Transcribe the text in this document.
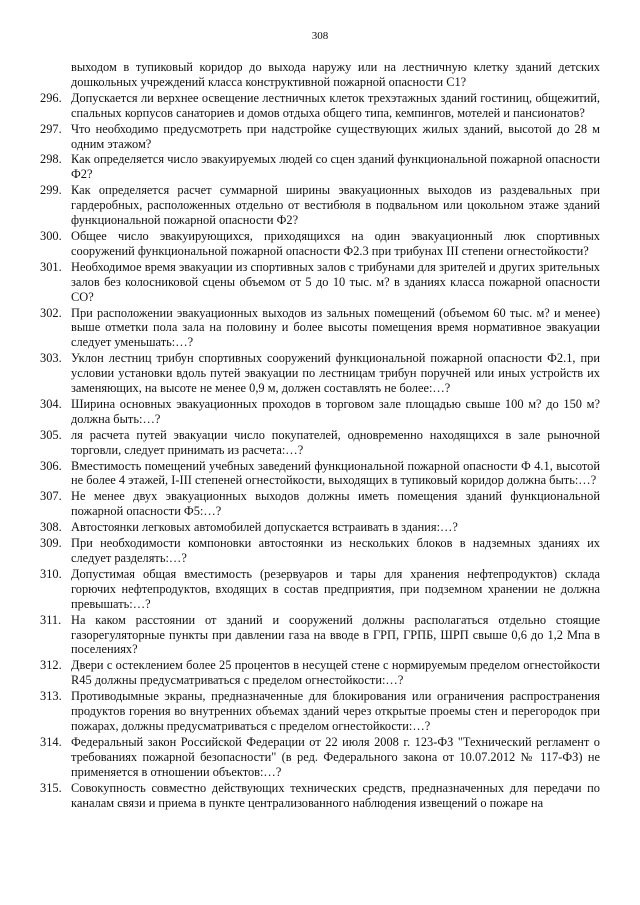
308

выходом в тупиковый коридор до выхода наружу или на лестничную клетку зданий детских дошкольных учреждений класса конструктивной пожарной опасности С1?

296. Допускается ли верхнее освещение лестничных клеток трехэтажных зданий гостиниц, общежитий, спальных корпусов санаториев и домов отдыха общего типа, кемпингов, мотелей и пансионатов?
297. Что необходимо предусмотреть при надстройке существующих жилых зданий, высотой до 28 м одним этажом?
298. Как определяется число эвакуируемых людей со сцен зданий функциональной пожарной опасности Ф2?
299. Как определяется расчет суммарной ширины эвакуационных выходов из раздевальных при гардеробных, расположенных отдельно от вестибюля в подвальном или цокольном этаже зданий функциональной пожарной опасности Ф2?
300. Общее число эвакуирующихся, приходящихся на один эвакуационный люк спортивных сооружений функциональной пожарной опасности Ф2.3 при трибунах III степени огнестойкости?
301. Необходимое время эвакуации из спортивных залов с трибунами для зрителей и других зрительных залов без колосниковой сцены объемом от 5 до 10 тыс. м? в зданиях класса пожарной опасности СО?
302. При расположении эвакуационных выходов из зальных помещений (объемом 60 тыс. м? и менее) выше отметки пола зала на половину и более высоты помещения время нормативное эвакуации следует уменьшать:…?
303. Уклон лестниц трибун спортивных сооружений функциональной пожарной опасности Ф2.1, при условии установки вдоль путей эвакуации по лестницам трибун поручней или иных устройств их заменяющих, на высоте не менее 0,9 м, должен составлять не более:…?
304. Ширина основных эвакуационных проходов в торговом зале площадью свыше 100 м? до 150 м? должна быть:…?
305. ля расчета путей эвакуации число покупателей, одновременно находящихся в зале рыночной торговли, следует принимать из расчета:…?
306. Вместимость помещений учебных заведений функциональной пожарной опасности Ф 4.1, высотой не более 4 этажей, I-III степеней огнестойкости, выходящих в тупиковый коридор должна быть:…?
307. Не менее двух эвакуационных выходов должны иметь помещения зданий функциональной пожарной опасности Ф5:…?
308. Автостоянки легковых автомобилей допускается встраивать в здания:…?
309. При необходимости компоновки автостоянки из нескольких блоков в надземных зданиях их следует разделять:…?
310. Допустимая общая вместимость (резервуаров и тары для хранения нефтепродуктов) склада горючих нефтепродуктов, входящих в состав предприятия, при подземном хранении не должна превышать:…?
311. На каком расстоянии от зданий и сооружений должны располагаться отдельно стоящие газорегуляторные пункты при давлении газа на вводе в ГРП, ГРПБ, ШРП свыше 0,6 до 1,2 Мпа в поселениях?
312. Двери с остеклением более 25 процентов в несущей стене с нормируемым пределом огнестойкости R45 должны предусматриваться с пределом огнестойкости:…?
313. Противодымные экраны, предназначенные для блокирования или ограничения распространения продуктов горения во внутренних объемах зданий через открытые проемы стен и перегородок при пожарах, должны предусматриваться с пределом огнестойкости:…?
314. Федеральный закон Российской Федерации от 22 июля 2008 г. 123-ФЗ "Технический регламент о требованиях пожарной безопасности" (в ред. Федерального закона от 10.07.2012 № 117-ФЗ) не применяется в отношении объектов:…?
315. Совокупность совместно действующих технических средств, предназначенных для передачи по каналам связи и приема в пункте централизованного наблюдения извещений о пожаре на
